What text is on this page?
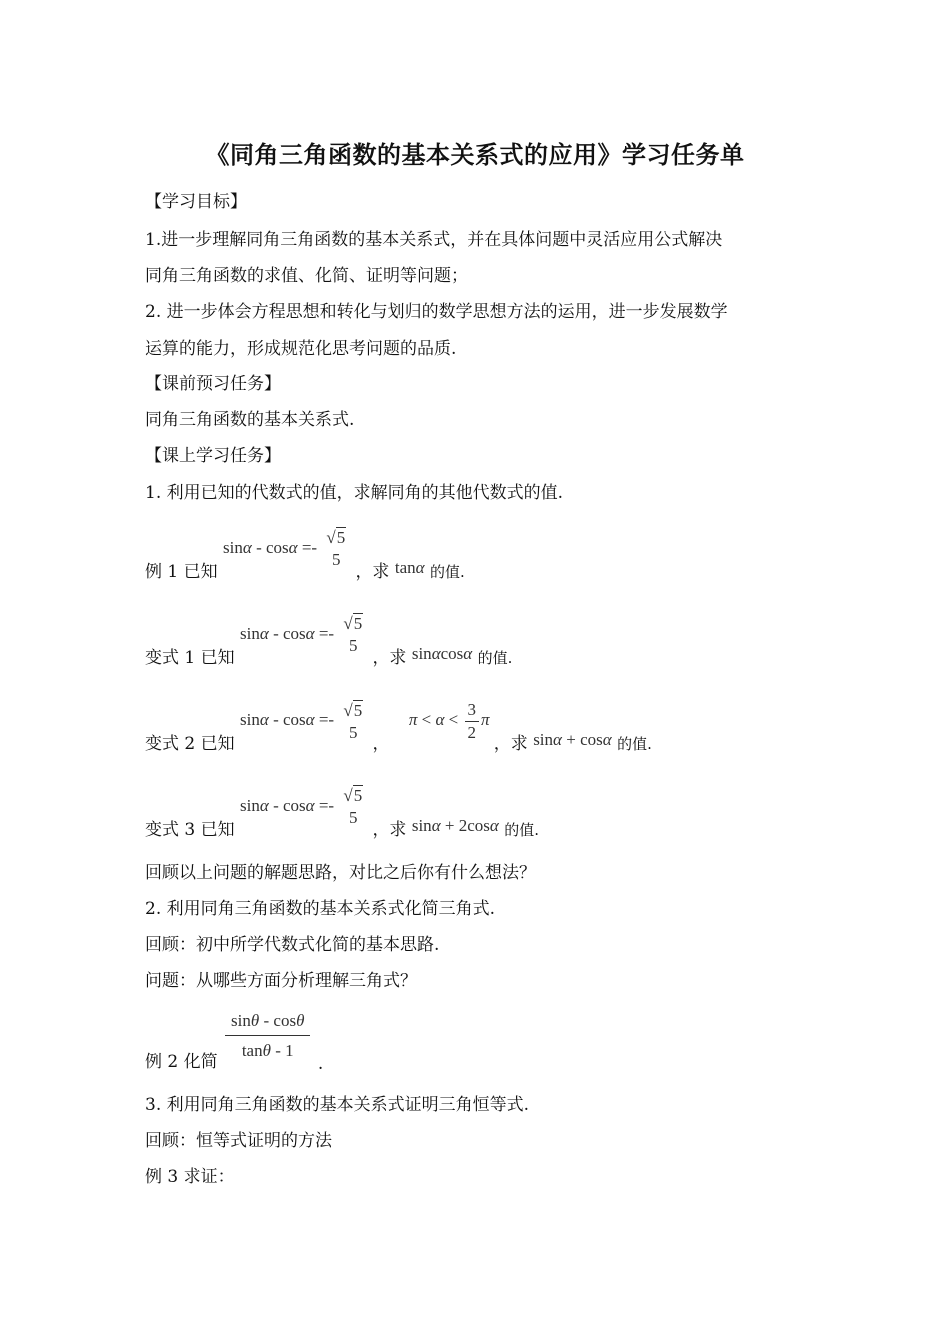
《同角三角函数的基本关系式的应用》学习任务单
【学习目标】
1.进一步理解同角三角函数的基本关系式，并在具体问题中灵活应用公式解决
同角三角函数的求值、化简、证明等问题；
2. 进一步体会方程思想和转化与划归的数学思想方法的运用，进一步发展数学
运算的能力，形成规范化思考问题的品质.
【课前预习任务】
同角三角函数的基本关系式.
【课上学习任务】
1. 利用已知的代数式的值，求解同角的其他代数式的值.
例 1 已知 sinα - cosα =-
√5
5
，求 tanα 的值.
变式 1 已知 sinα - cosα =-
√5
5
，求 sinαcosα 的值.
变式 2 已知 sinα - cosα =-
√5
5
， $\pi < \alpha < \frac{3}{2}$ π ，求 sinα + cosα 的值.
变式 3 已知 sinα - cosα =-
√5
5
，求 sinα + 2cosα 的值.
回顾以上问题的解题思路，对比之后你有什么想法？
2. 利用同角三角函数的基本关系式化简三角式.
回顾：初中所学代数式化简的基本思路.
问题：从哪些方面分析理解三角式？
例 2 化简 $\frac{\sin\theta - \cos\theta}{\tan\theta - 1}$
.
3. 利用同角三角函数的基本关系式证明三角恒等式.
回顾：恒等式证明的方法
例 3 求证：
